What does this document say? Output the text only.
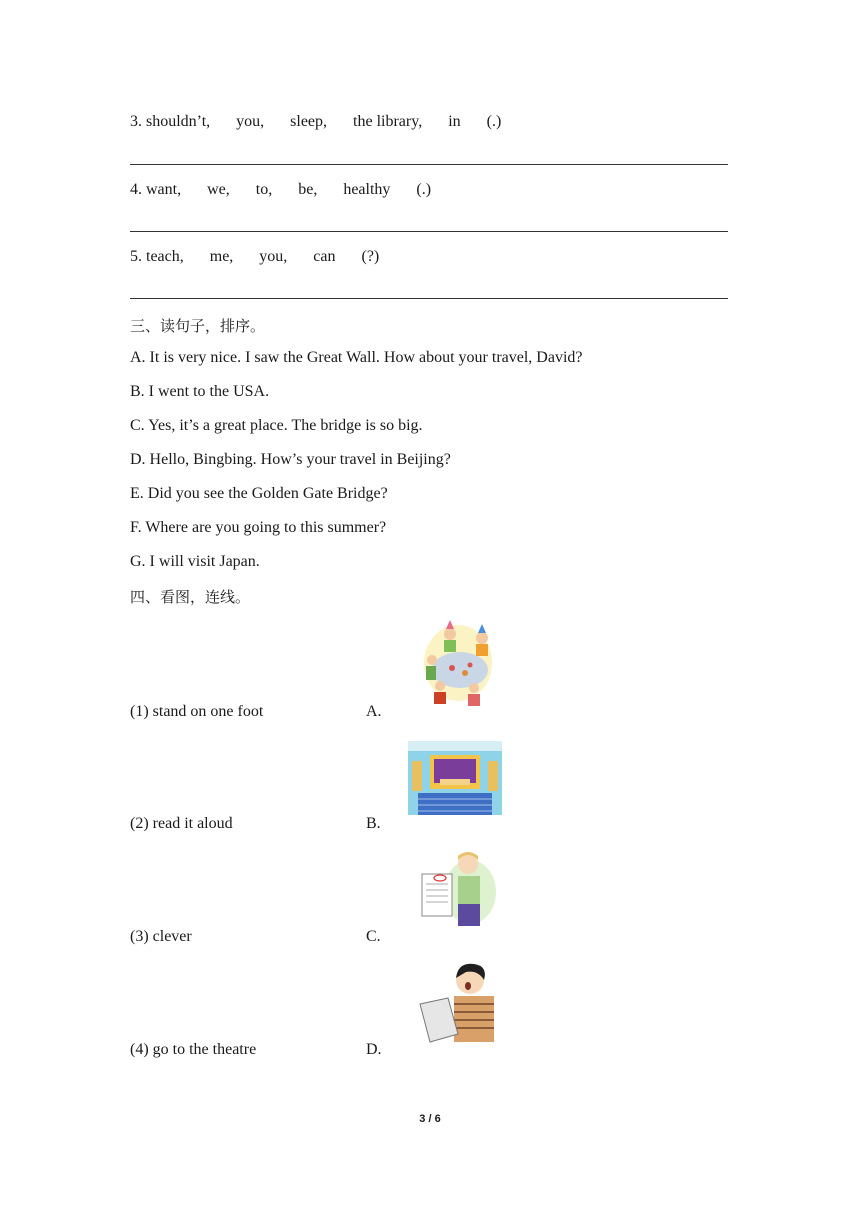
3. shouldn’t, you, sleep, the library, in (.)
4. want, we, to, be, healthy (.)
5. teach, me, you, can (?)
三、读句子，排序。
A. It is very nice. I saw the Great Wall. How about your travel, David?
B. I went to the USA.
C. Yes, it’s a great place. The bridge is so big.
D. Hello, Bingbing. How’s your travel in Beijing?
E. Did you see the Golden Gate Bridge?
F. Where are you going to this summer?
G. I will visit Japan.
四、看图，连线。
(1) stand on one foot	A.
(2) read it aloud	B.
(3) clever	C.
(4) go to the theatre	D.
3 / 6
